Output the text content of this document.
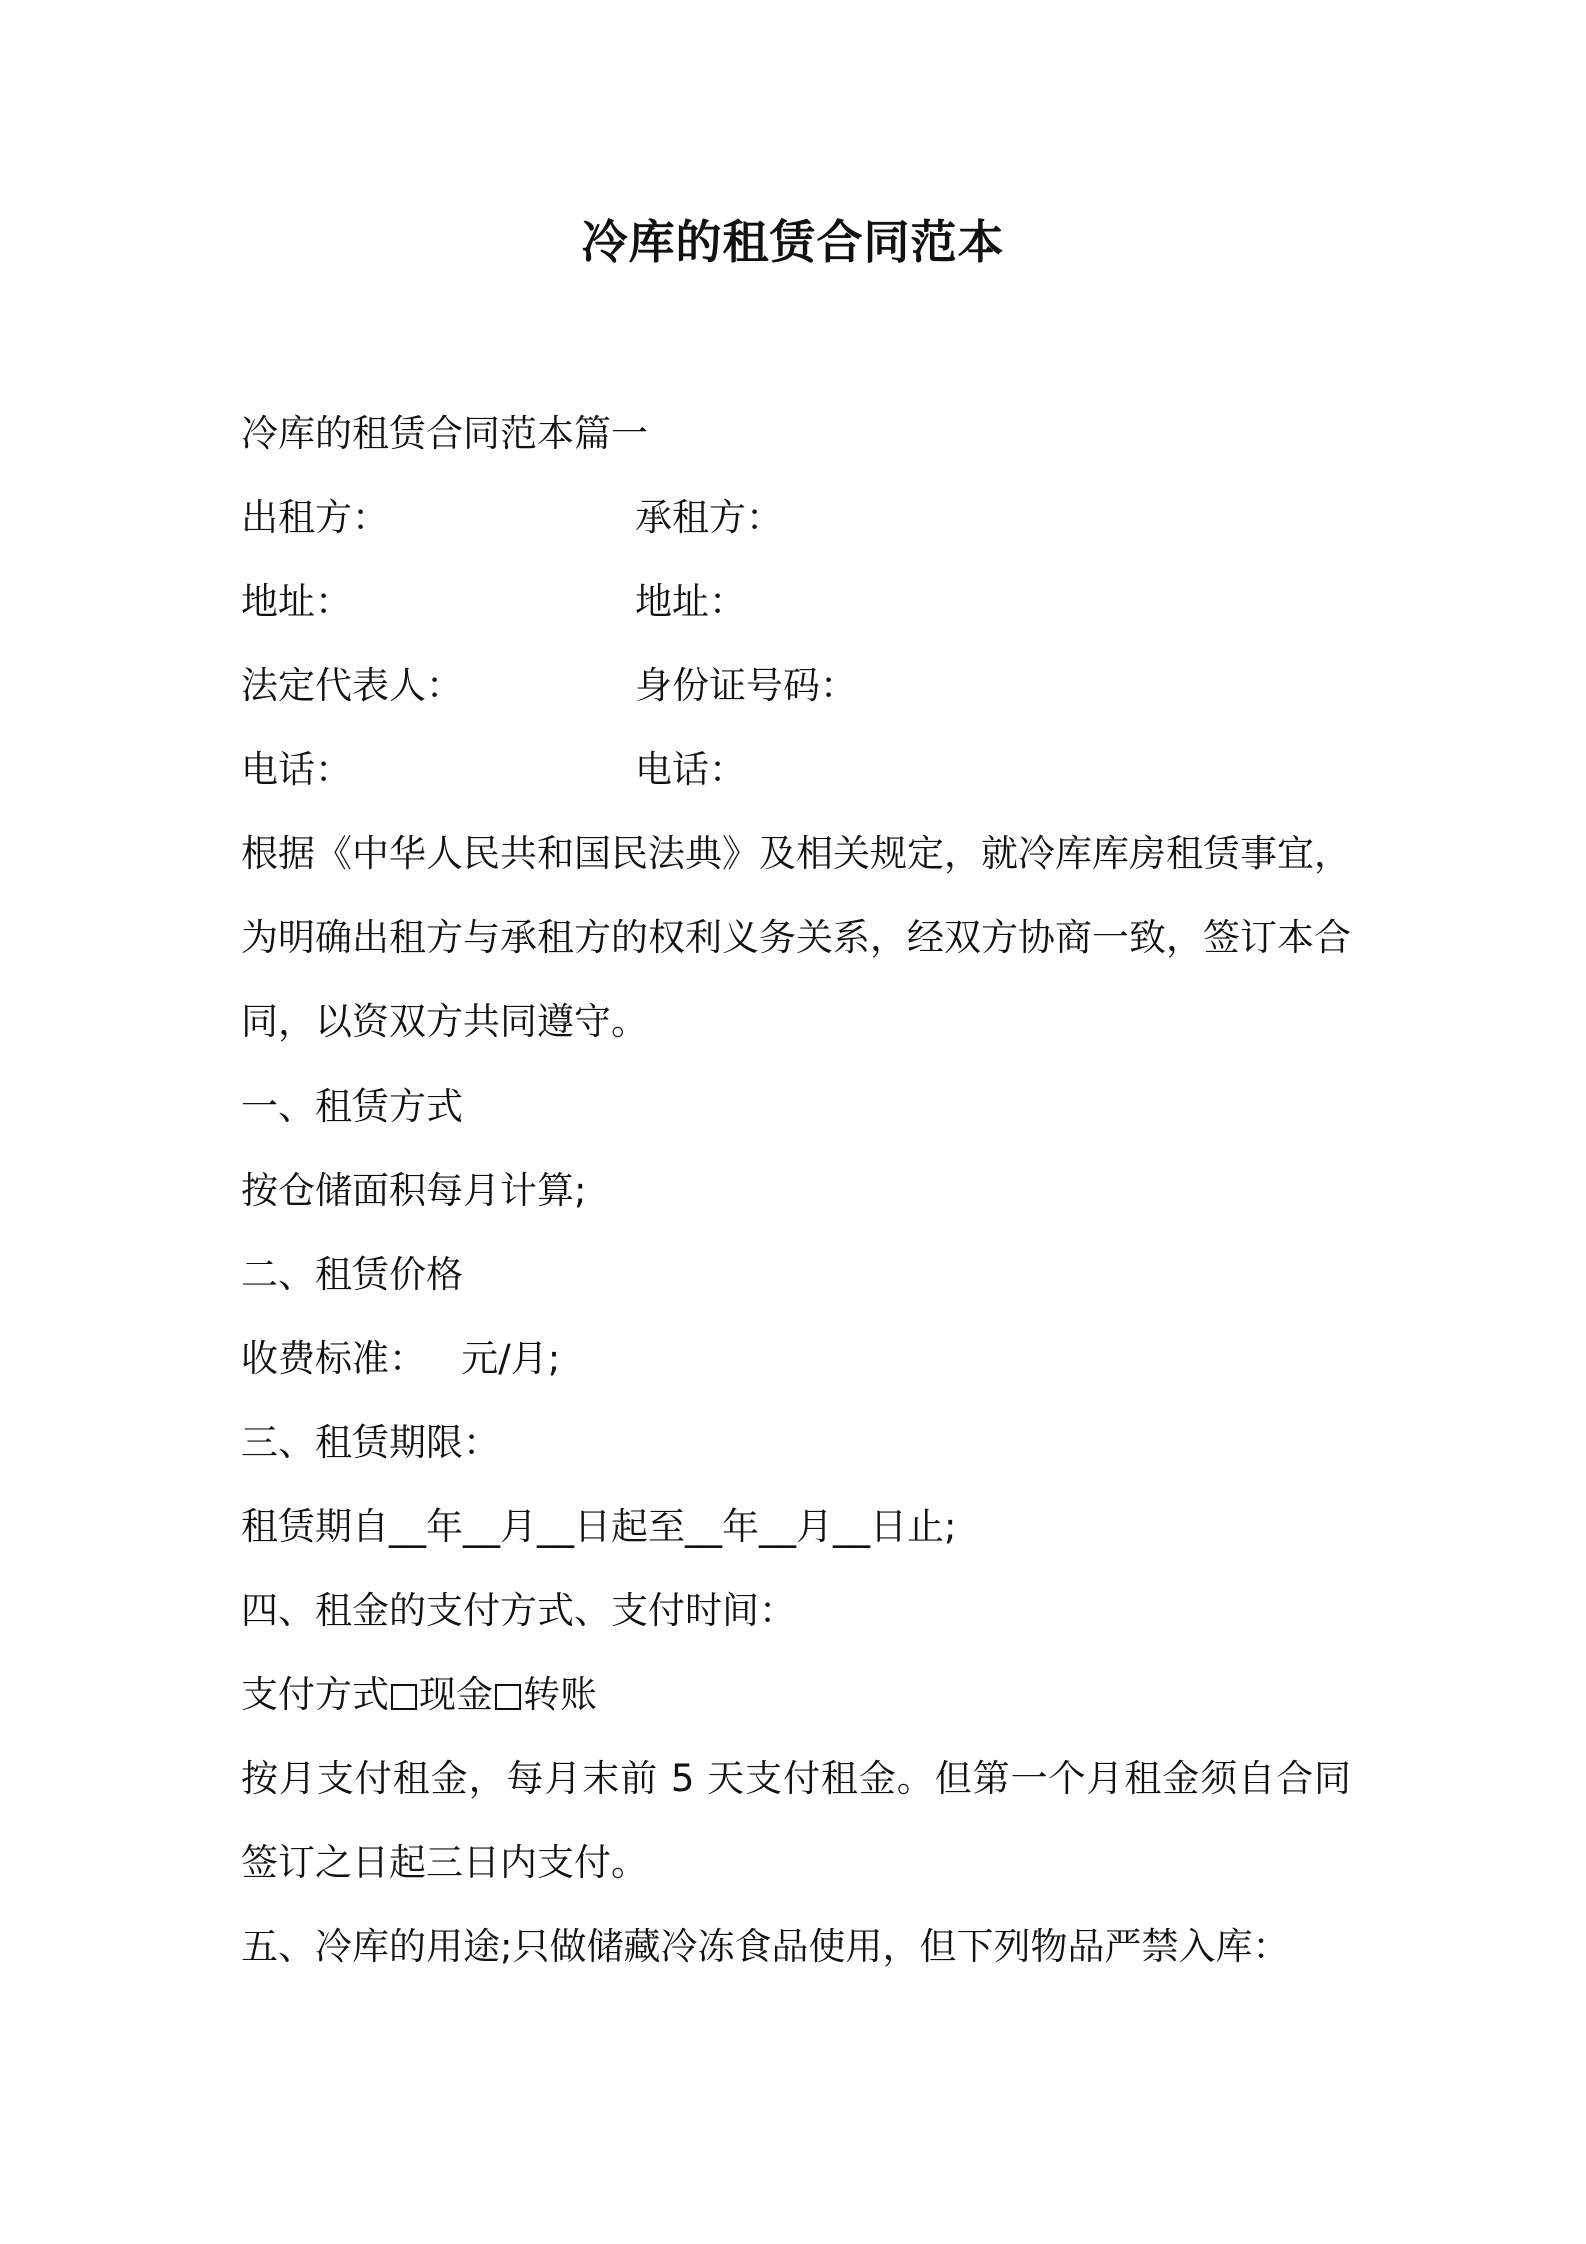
冷库的租赁合同范本
冷库的租赁合同范本篇一
出租方：	承租方：
地址：	地址：
法定代表人：	身份证号码：
电话：	电话：
根据《中华人民共和国民法典》及相关规定，就冷库库房租赁事宜，为明确出租方与承租方的权利义务关系，经双方协商一致，签订本合同，以资双方共同遵守。
一、租赁方式
按仓储面积每月计算;
二、租赁价格
收费标准：   元/月;
三、租赁期限：
租赁期自__年__月__日起至__年__月__日止;
四、租金的支付方式、支付时间：
支付方式 现金 转账
按月支付租金，每月末前 5 天支付租金。但第一个月租金须自合同签订之日起三日内支付。
五、冷库的用途;只做储藏冷冻食品使用，但下列物品严禁入库：
